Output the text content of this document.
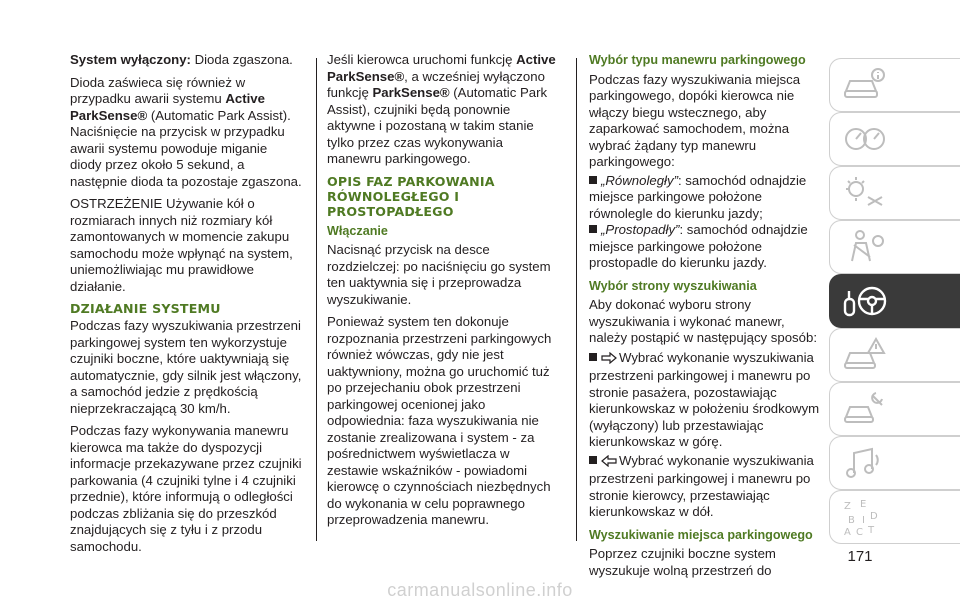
System wyłączony: Dioda zgaszona.

Dioda zaświeca się również w przypadku awarii systemu Active ParkSense® (Automatic Park Assist). Naciśnięcie na przycisk w przypadku awarii systemu powoduje miganie diody przez około 5 sekund, a następnie dioda ta pozostaje zgaszona.

OSTRZEŻENIE Używanie kół o rozmiarach innych niż rozmiary kół zamontowanych w momencie zakupu samochodu może wpłynąć na system, uniemożliwiając mu prawidłowe działanie.

DZIAŁANIE SYSTEMU

Podczas fazy wyszukiwania przestrzeni parkingowej system ten wykorzystuje czujniki boczne, które uaktywniają się automatycznie, gdy silnik jest włączony, a samochód jedzie z prędkością nieprzekraczającą 30 km/h.

Podczas fazy wykonywania manewru kierowca ma także do dyspozycji informacje przekazywane przez czujniki parkowania (4 czujniki tylne i 4 czujniki przednie), które informują o odległości podczas zbliżania się do przeszkód znajdujących się z tyłu i z przodu samochodu.

Jeśli kierowca uruchomi funkcję Active ParkSense®, a wcześniej wyłączono funkcję ParkSense® (Automatic Park Assist), czujniki będą ponownie aktywne i pozostaną w takim stanie tylko przez czas wykonywania manewru parkingowego.

OPIS FAZ PARKOWANIA RÓWNOLEGŁEGO I PROSTOPADŁEGO
Włączanie

Nacisnąć przycisk na desce rozdzielczej: po naciśnięciu go system ten uaktywnia się i przeprowadza wyszukiwanie.

Ponieważ system ten dokonuje rozpoznania przestrzeni parkingowych również wówczas, gdy nie jest uaktywniony, można go uruchomić tuż po przejechaniu obok przestrzeni parkingowej ocenionej jako odpowiednia: faza wyszukiwania nie zostanie zrealizowana i system - za pośrednictwem wyświetlacza w zestawie wskaźników - powiadomi kierowcę o czynnościach niezbędnych do wykonania w celu poprawnego przeprowadzenia manewru.

Wybór typu manewru parkingowego

Podczas fazy wyszukiwania miejsca parkingowego, dopóki kierowca nie włączy biegu wstecznego, aby zaparkować samochodem, można wybrać żądany typ manewru parkingowego:

„Równoległy”: samochód odnajdzie miejsce parkingowe położone równolegle do kierunku jazdy;
„Prostopadły”: samochód odnajdzie miejsce parkingowe położone prostopadle do kierunku jazdy.
Wybór strony wyszukiwania

Aby dokonać wyboru strony wyszukiwania i wykonać manewr, należy postąpić w następujący sposób:

Wybrać wykonanie wyszukiwania przestrzeni parkingowej i manewru po stronie pasażera, pozostawiając kierunkowskaz w położeniu środkowym (wyłączony) lub przestawiając kierunkowskaz w górę.
Wybrać wykonanie wyszukiwania przestrzeni parkingowej i manewru po stronie kierowcy, przestawiając kierunkowskaz w dół.
Wyszukiwanie miejsca parkingowego

Poprzez czujniki boczne system wyszukuje wolną przestrzeń do

Z E
B I D
A C T
171
carmanualsonline.info
